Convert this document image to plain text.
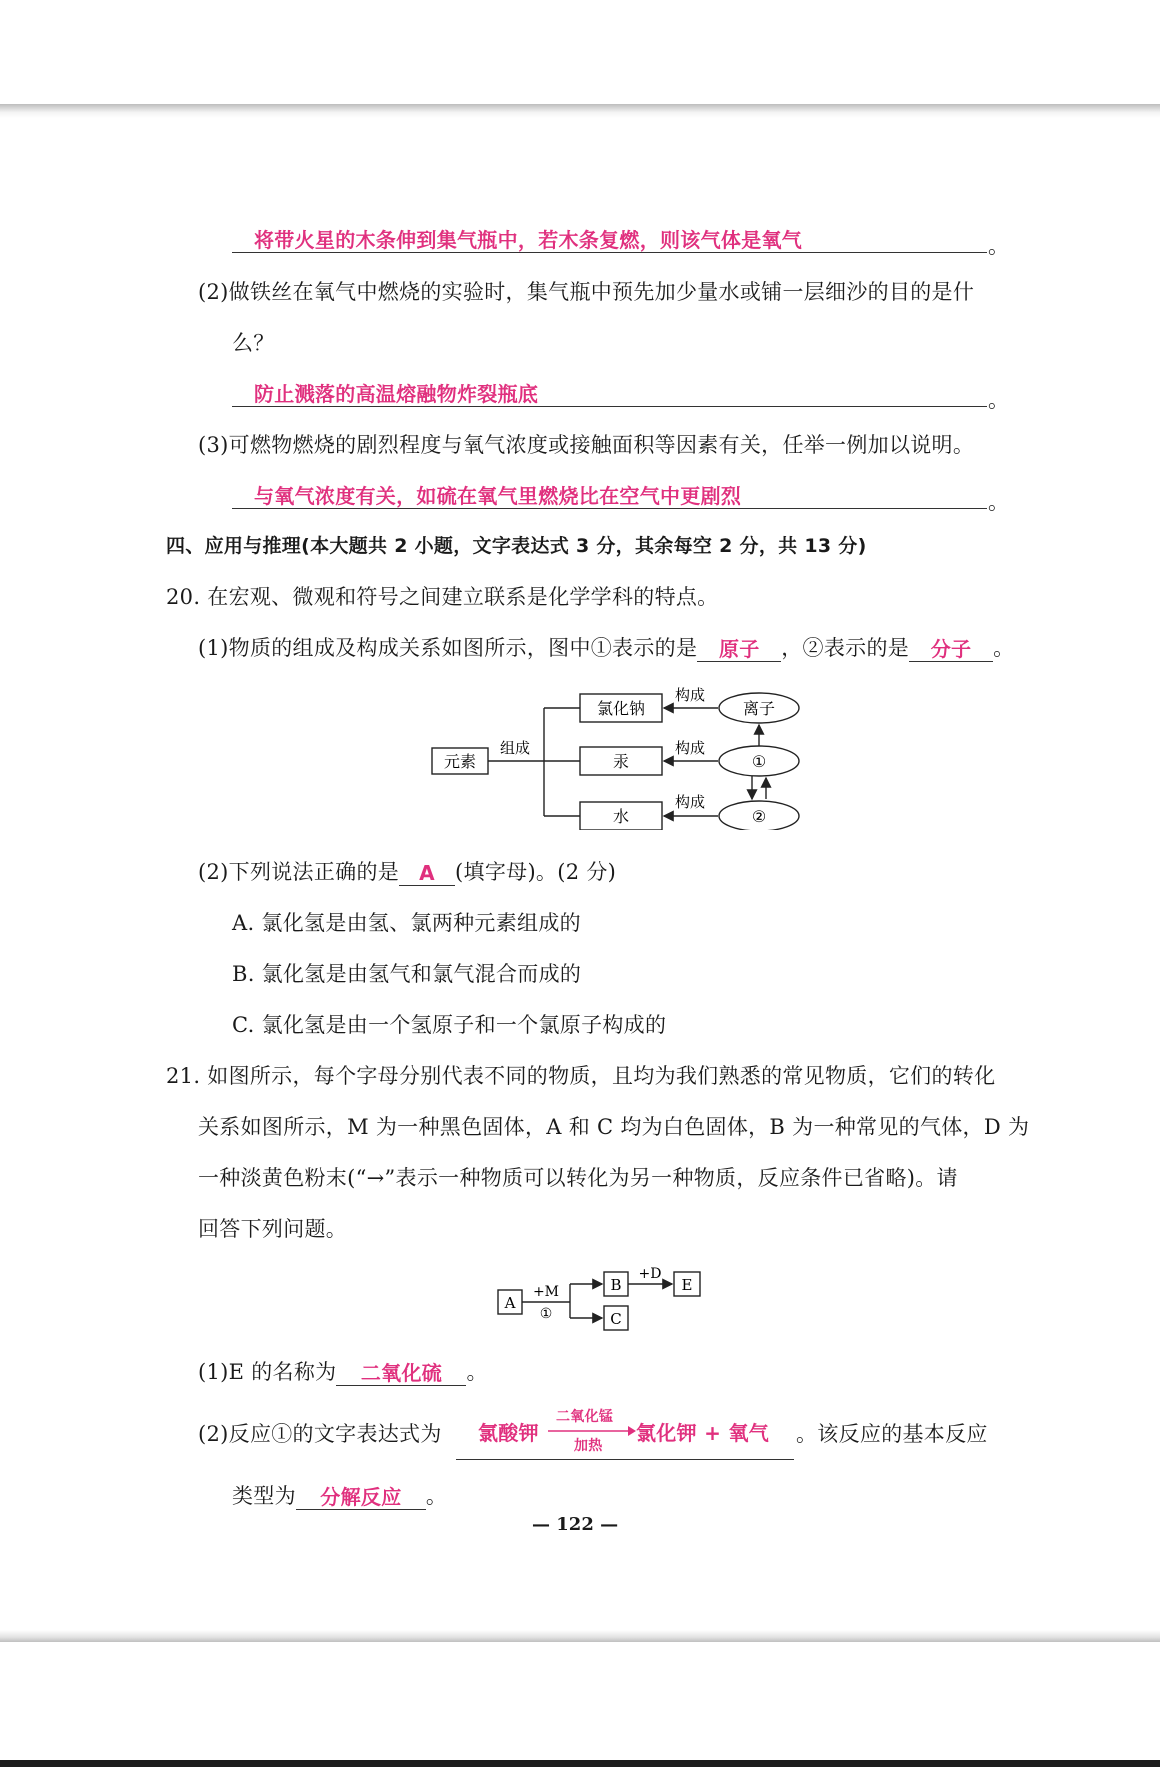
将带火星的木条伸到集气瓶中，若木条复燃，则该气体是氧气	。
(2)做铁丝在氧气中燃烧的实验时，集气瓶中预先加少量水或铺一层细沙的目的是什
么？
防止溅落的高温熔融物炸裂瓶底	。
(3)可燃物燃烧的剧烈程度与氧气浓度或接触面积等因素有关，任举一例加以说明。
与氧气浓度有关，如硫在氧气里燃烧比在空气中更剧烈	。
四、应用与推理(本大题共 2 小题，文字表达式 3 分，其余每空 2 分，共 13 分)
20. 在宏观、微观和符号之间建立联系是化学学科的特点。
(1)物质的组成及构成关系如图所示，图中①表示的是 原子 ，②表示的是 分子 。
元素
组成
氯化钠
汞
水
构成
构成
构成
离子
①
②
(2)下列说法正确的是 A (填字母)。(2 分)
A. 氯化氢是由氢、氯两种元素组成的
B. 氯化氢是由氢气和氯气混合而成的
C. 氯化氢是由一个氢原子和一个氯原子构成的
21. 如图所示，每个字母分别代表不同的物质，且均为我们熟悉的常见物质，它们的转化
关系如图所示，M 为一种黑色固体，A 和 C 均为白色固体，B 为一种常见的气体，D 为
一种淡黄色粉末(“→”表示一种物质可以转化为另一种物质，反应条件已省略)。请
回答下列问题。
A
+M
①
B
C
+D
E
(1)E 的名称为 二氧化硫 。
(2)反应①的文字表达式为 氯酸钾
二氧化锰
加热
氯化钾 + 氧气 。该反应的基本反应
类型为 分解反应 。
— 122 —
